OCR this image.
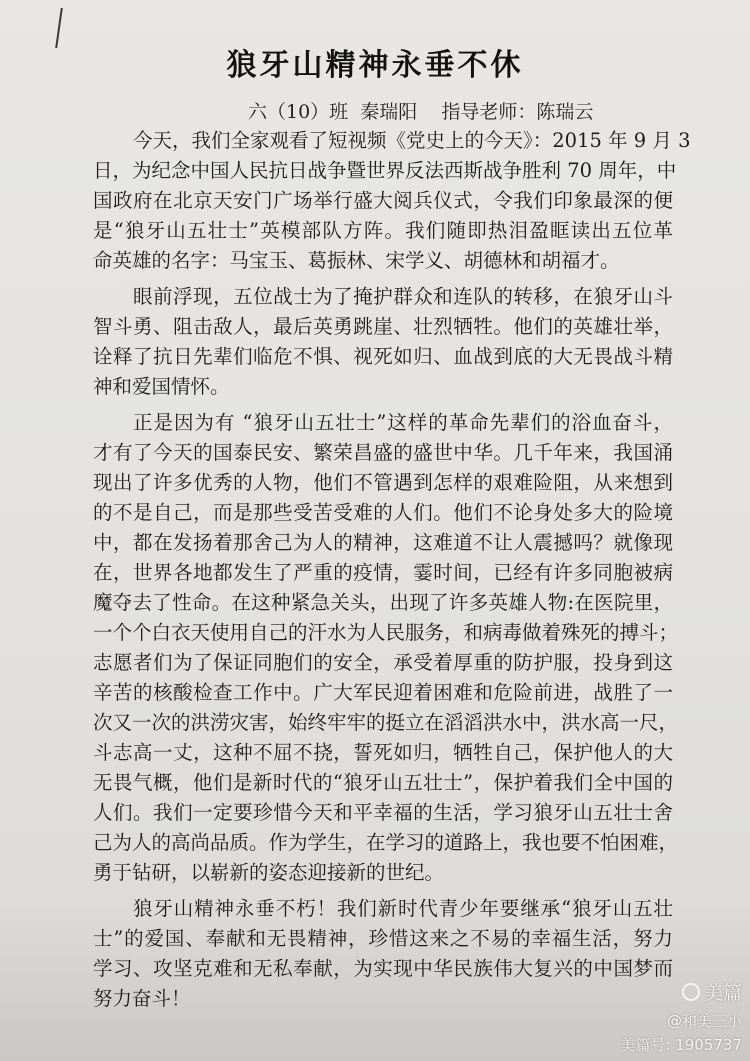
狼牙山精神永垂不休
六（10）班  秦瑞阳    指导老师：陈瑞云
今天，我们全家观看了短视频《党史上的今天》：2015 年 9 月 3
日，为纪念中国人民抗日战争暨世界反法西斯战争胜利 70 周年，中
国政府在北京天安门广场举行盛大阅兵仪式，令我们印象最深的便
是“狼牙山五壮士”英模部队方阵。我们随即热泪盈眶读出五位革
命英雄的名字：马宝玉、葛振林、宋学义、胡德林和胡福才。
眼前浮现，五位战士为了掩护群众和连队的转移，在狼牙山斗
智斗勇、阻击敌人，最后英勇跳崖、壮烈牺牲。他们的英雄壮举，
诠释了抗日先辈们临危不惧、视死如归、血战到底的大无畏战斗精
神和爱国情怀。
正是因为有 “狼牙山五壮士”这样的革命先辈们的浴血奋斗，
才有了今天的国泰民安、繁荣昌盛的盛世中华。几千年来，我国涌
现出了许多优秀的人物，他们不管遇到怎样的艰难险阻，从来想到
的不是自己，而是那些受苦受难的人们。他们不论身处多大的险境
中，都在发扬着那舍己为人的精神，这难道不让人震撼吗？就像现
在，世界各地都发生了严重的疫情，霎时间，已经有许多同胞被病
魔夺去了性命。在这种紧急关头，出现了许多英雄人物:在医院里，
一个个白衣天使用自己的汗水为人民服务，和病毒做着殊死的搏斗；
志愿者们为了保证同胞们的安全，承受着厚重的防护服，投身到这
辛苦的核酸检查工作中。广大军民迎着困难和危险前进，战胜了一
次又一次的洪涝灾害，始终牢牢的挺立在滔滔洪水中，洪水高一尺，
斗志高一丈，这种不屈不挠，誓死如归，牺牲自己，保护他人的大
无畏气概，他们是新时代的“狼牙山五壮士”，保护着我们全中国的
人们。我们一定要珍惜今天和平幸福的生活，学习狼牙山五壮士舍
己为人的高尚品质。作为学生，在学习的道路上，我也要不怕困难，
勇于钻研，以崭新的姿态迎接新的世纪。
狼牙山精神永垂不朽！我们新时代青少年要继承“狼牙山五壮
士”的爱国、奉献和无畏精神，珍惜这来之不易的幸福生活，努力
学习、攻坚克难和无私奉献，为实现中华民族伟大复兴的中国梦而
努力奋斗！	美篇
@和美三小
美篇号: 1905737
